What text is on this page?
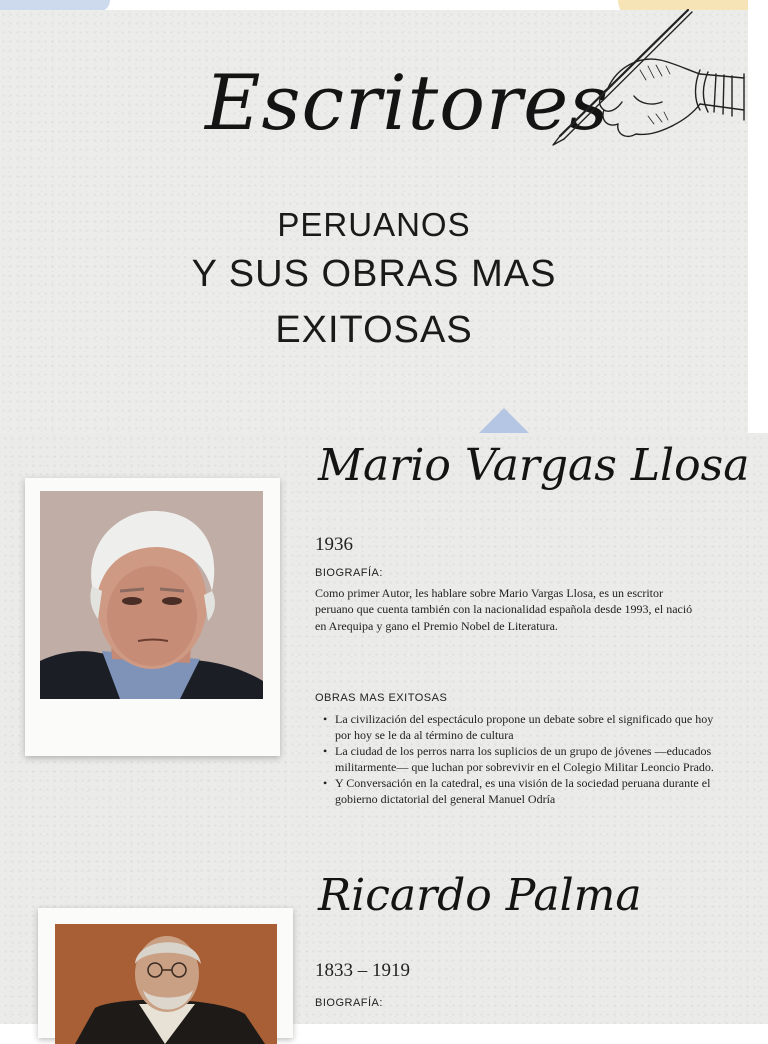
Escritores
PERUANOS
Y SUS OBRAS MAS
EXITOSAS
Mario Vargas Llosa
1936
BIOGRAFÍA:
Como primer Autor, les hablare sobre Mario Vargas Llosa, es un escritor peruano que cuenta también con la nacionalidad española desde 1993, el nació en Arequipa y gano el Premio Nobel de Literatura.
OBRAS MAS EXITOSAS
• La civilización del espectáculo propone un debate sobre el significado que hoy por hoy se le da al término de cultura
• La ciudad de los perros narra los suplicios de un grupo de jóvenes —educados militarmente— que luchan por sobrevivir en el Colegio Militar Leoncio Prado.
• Y Conversación en la catedral, es una visión de la sociedad peruana durante el gobierno dictatorial del general Manuel Odría
Ricardo Palma
1833 – 1919
BIOGRAFÍA:
